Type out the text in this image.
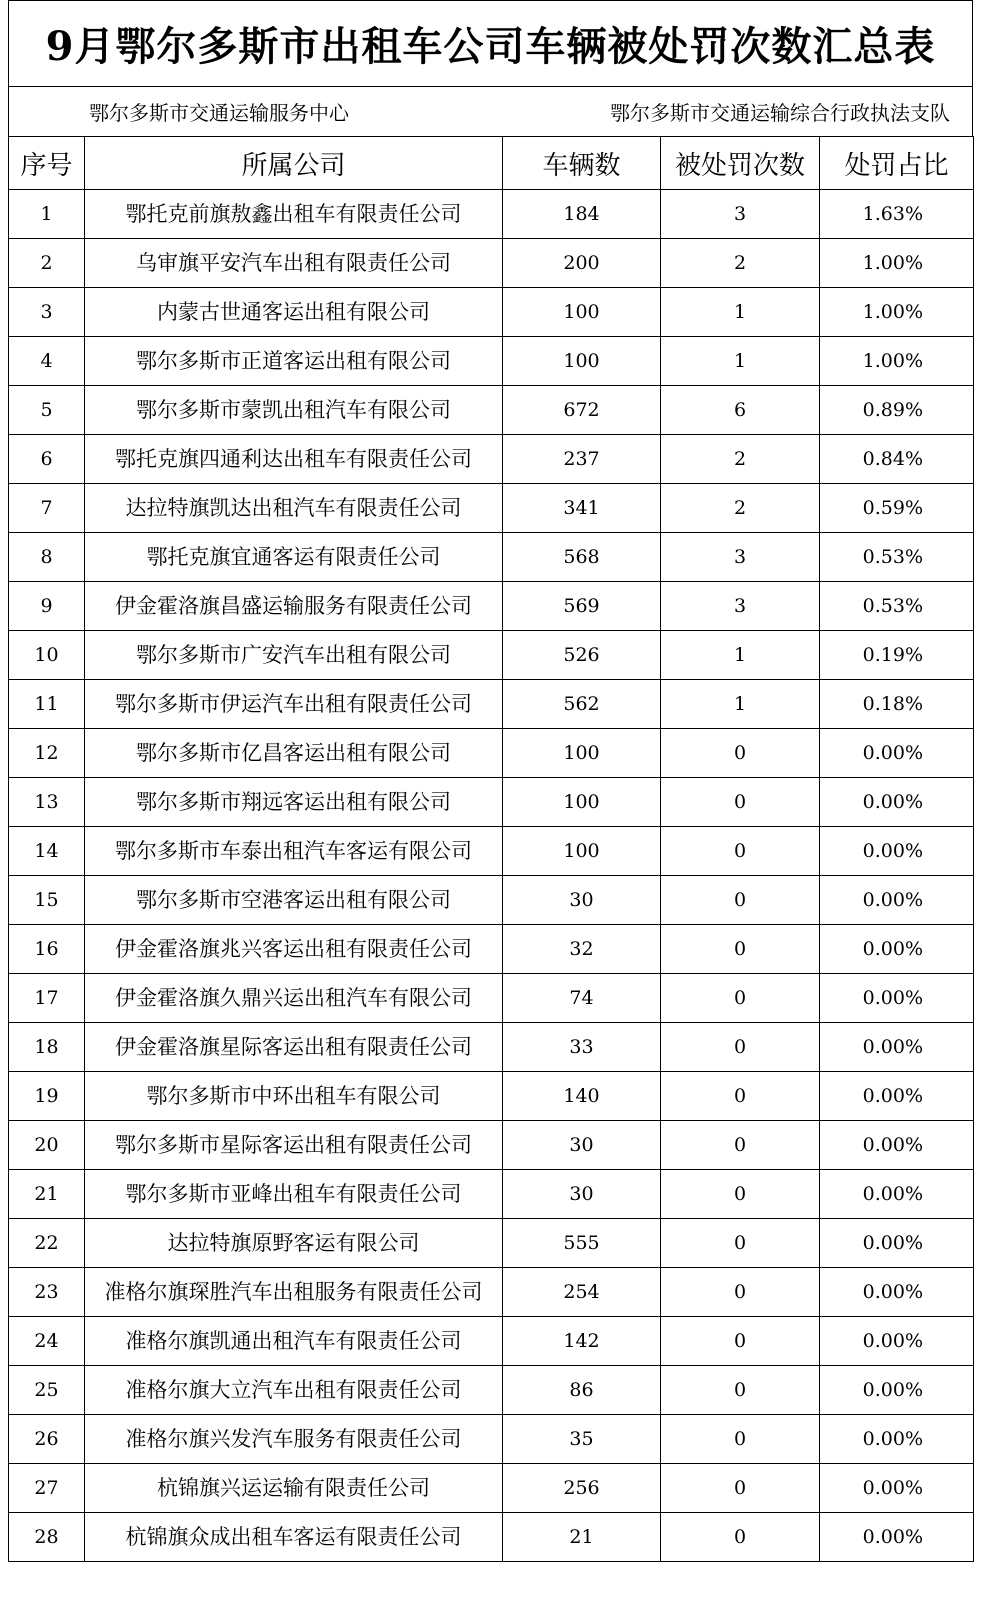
9月鄂尔多斯市出租车公司车辆被处罚次数汇总表
鄂尔多斯市交通运输服务中心	鄂尔多斯市交通运输综合行政执法支队
序号	所属公司	车辆数	被处罚次数	处罚占比
1	鄂托克前旗敖鑫出租车有限责任公司	184	3	1.63%
2	乌审旗平安汽车出租有限责任公司	200	2	1.00%
3	内蒙古世通客运出租有限公司	100	1	1.00%
4	鄂尔多斯市正道客运出租有限公司	100	1	1.00%
5	鄂尔多斯市蒙凯出租汽车有限公司	672	6	0.89%
6	鄂托克旗四通利达出租车有限责任公司	237	2	0.84%
7	达拉特旗凯达出租汽车有限责任公司	341	2	0.59%
8	鄂托克旗宜通客运有限责任公司	568	3	0.53%
9	伊金霍洛旗昌盛运输服务有限责任公司	569	3	0.53%
10	鄂尔多斯市广安汽车出租有限公司	526	1	0.19%
11	鄂尔多斯市伊运汽车出租有限责任公司	562	1	0.18%
12	鄂尔多斯市亿昌客运出租有限公司	100	0	0.00%
13	鄂尔多斯市翔远客运出租有限公司	100	0	0.00%
14	鄂尔多斯市车泰出租汽车客运有限公司	100	0	0.00%
15	鄂尔多斯市空港客运出租有限公司	30	0	0.00%
16	伊金霍洛旗兆兴客运出租有限责任公司	32	0	0.00%
17	伊金霍洛旗久鼎兴运出租汽车有限公司	74	0	0.00%
18	伊金霍洛旗星际客运出租有限责任公司	33	0	0.00%
19	鄂尔多斯市中环出租车有限公司	140	0	0.00%
20	鄂尔多斯市星际客运出租有限责任公司	30	0	0.00%
21	鄂尔多斯市亚峰出租车有限责任公司	30	0	0.00%
22	达拉特旗原野客运有限公司	555	0	0.00%
23	准格尔旗琛胜汽车出租服务有限责任公司	254	0	0.00%
24	准格尔旗凯通出租汽车有限责任公司	142	0	0.00%
25	准格尔旗大立汽车出租有限责任公司	86	0	0.00%
26	准格尔旗兴发汽车服务有限责任公司	35	0	0.00%
27	杭锦旗兴运运输有限责任公司	256	0	0.00%
28	杭锦旗众成出租车客运有限责任公司	21	0	0.00%
